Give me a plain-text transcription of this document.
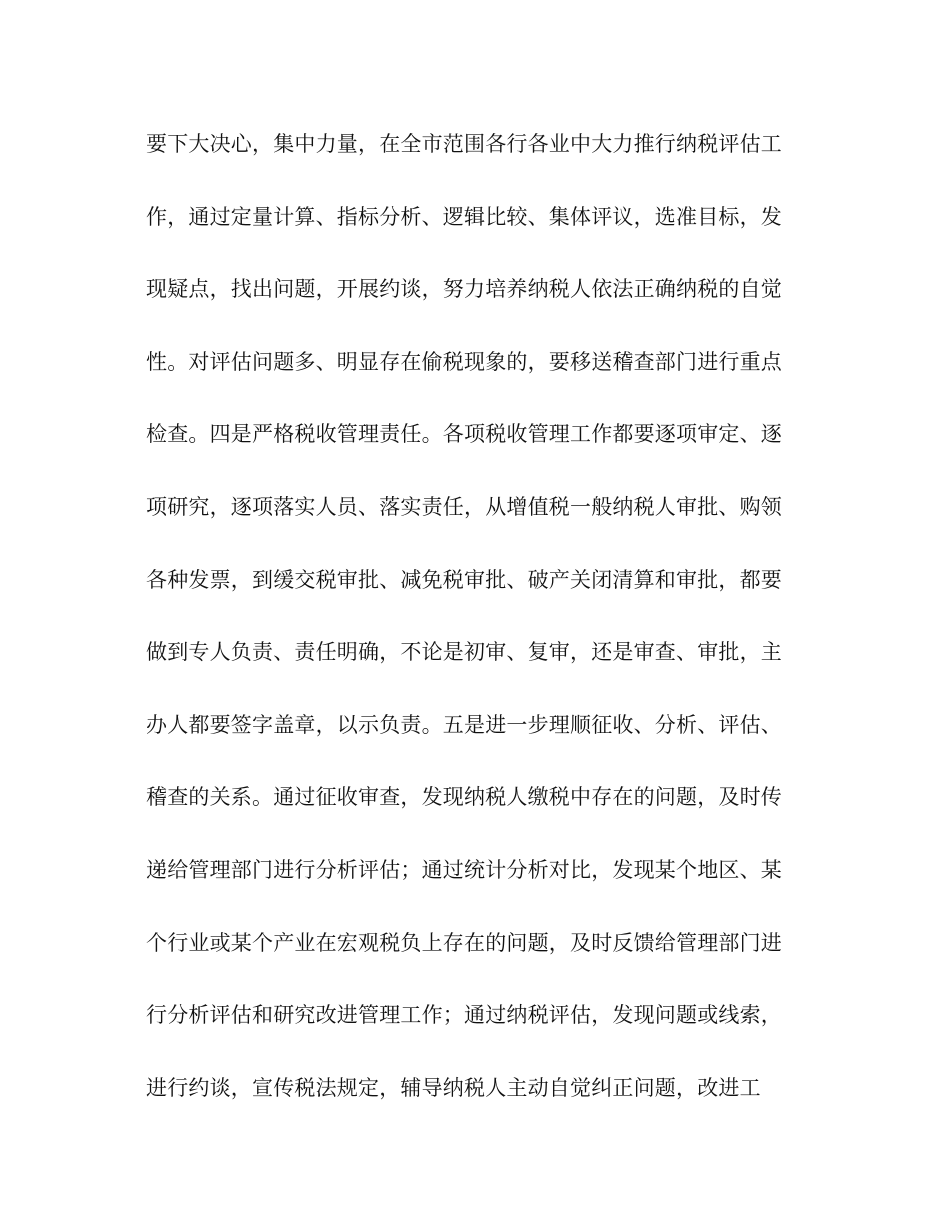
要下大决心，集中力量，在全市范围各行各业中大力推行纳税评估工
作，通过定量计算、指标分析、逻辑比较、集体评议，选准目标，发
现疑点，找出问题，开展约谈，努力培养纳税人依法正确纳税的自觉
性。对评估问题多、明显存在偷税现象的，要移送稽查部门进行重点
检查。四是严格税收管理责任。各项税收管理工作都要逐项审定、逐
项研究，逐项落实人员、落实责任，从增值税一般纳税人审批、购领
各种发票，到缓交税审批、减免税审批、破产关闭清算和审批，都要
做到专人负责、责任明确，不论是初审、复审，还是审查、审批，主
办人都要签字盖章，以示负责。五是进一步理顺征收、分析、评估、
稽查的关系。通过征收审查，发现纳税人缴税中存在的问题，及时传
递给管理部门进行分析评估；通过统计分析对比，发现某个地区、某
个行业或某个产业在宏观税负上存在的问题，及时反馈给管理部门进
行分析评估和研究改进管理工作；通过纳税评估，发现问题或线索，
进行约谈，宣传税法规定，辅导纳税人主动自觉纠正问题，改进工
